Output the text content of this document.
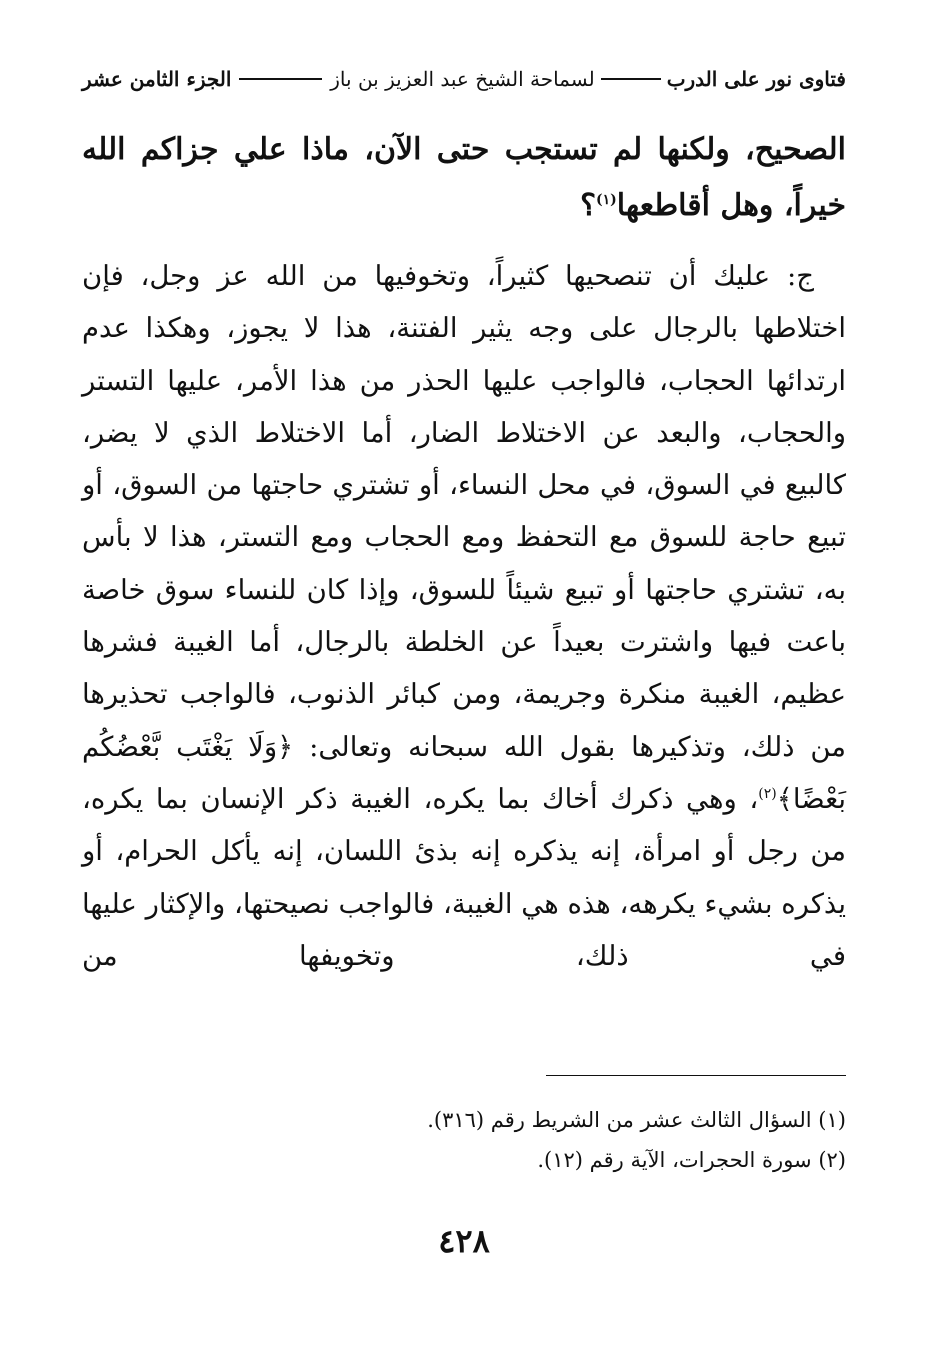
فتاوى نور على الدرب
لسماحة الشيخ عبد العزيز بن باز
الجزء الثامن عشر
الصحيح، ولكنها لم تستجب حتى الآن، ماذا علي جزاكم الله خيراً، وهل أقاطعها$^{(١)}$؟
ج: عليك أن تنصحيها كثيراً، وتخوفيها من الله عز وجل، فإن اختلاطها بالرجال على وجه يثير الفتنة، هذا لا يجوز، وهكذا عدم ارتدائها الحجاب، فالواجب عليها الحذر من هذا الأمر، عليها التستر والحجاب، والبعد عن الاختلاط الضار، أما الاختلاط الذي لا يضر، كالبيع في السوق، في محل النساء، أو تشتري حاجتها من السوق، أو تبيع حاجة للسوق مع التحفظ ومع الحجاب ومع التستر، هذا لا بأس به، تشتري حاجتها أو تبيع شيئاً للسوق، وإذا كان للنساء سوق خاصة باعت فيها واشترت بعيداً عن الخلطة بالرجال، أما الغيبة فشرها عظيم، الغيبة منكرة وجريمة، ومن كبائر الذنوب، فالواجب تحذيرها من ذلك، وتذكيرها بقول الله سبحانه وتعالى: ﴿وَلَا يَغْتَب بَّعْضُكُم بَعْضًا﴾$^{(٢)}$، وهي ذكرك أخاك بما يكره، الغيبة ذكر الإنسان بما يكره، من رجل أو امرأة، إنه يذكره إنه بذئ اللسان، إنه يأكل الحرام، أو يذكره بشيء يكرهه، هذه هي الغيبة، فالواجب نصيحتها، والإكثار عليها في ذلك، وتخويفها من
(١) السؤال الثالث عشر من الشريط رقم (٣١٦).
(٢) سورة الحجرات، الآية رقم (١٢).
٤٢٨
